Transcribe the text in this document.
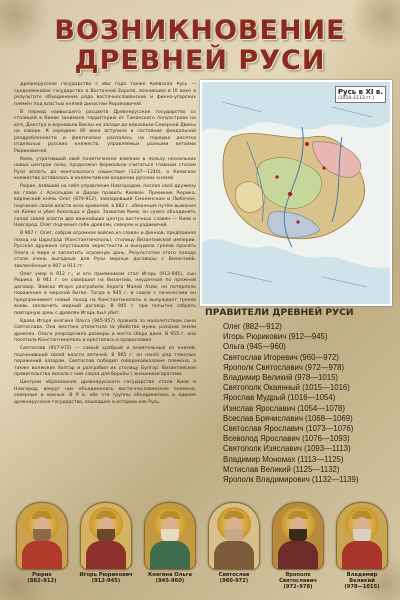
ВОЗНИКНОВЕНИЕ
ДРЕВНЕЙ РУСИ

Древнерусское государство с 882 года также Киевская Русь — средневековое государство в Восточной Европе, возникшее в IX веке в результате объединения ряда восточнославянских и финно-угорских племён под властью князей династии Рюриковичей.

В период наивысшего расцвета Древнерусское государство со столицей в Киеве занимало территорию от Таманского полуострова на юге, Днестра и верховьев Вислы на западе до верховьев Северной Двины на севере. К середине XII века вступило в состояние феодальной раздробленности и фактически распалось на порядка десятка отдельных русских княжеств, управляемых разными ветвями Рюриковичей.

Киев, утративший своё политическое влияние в пользу нескольких новых центров силы, продолжал формально считаться главным столом Руси вплоть до монгольского нашествия (1237—1240), а Киевское княжество оставалось в коллективном владении русских князей.

Рюрик, взявший на себя управление Новгородом, послал своё дружину во главе с Аскольдом и Диром править Киевом. Преемник Рюрика, варяжский князь Олег (879-912), завладевший Смоленском и Любечем, подчинил своей власти всех кривичей, в 882 г. обманным путём выманил из Киева и убил Аскольда и Дира. Захватив Киев, он сумел объединить силой своей власти два важнейших центра восточных славян — Киев и Новгород. Олег подчинил себе древлян, северян и радимичей.

В 907 г. Олег, собрав огромное войско из славян и финнов, предпринял поход на Царьград (Константинополь), столицу Византийской империи. Русская дружина опустошила окрестности и вынудила греков просить Олега о мире и заплатить огромную дань. Результатом этого похода стали очень выгодные для Руси мирные договоры с Византией, заключённые в 907 и 911 гг.

Олег умер в 912 г., и его приемником стал Игорь (912-945), сын Рюрика. В 941 г. он совершил на Византию, неудачный по прежней договор. Войско Игоря разграбило берега Малой Азии, но потерпело поражение в морской битве. Тогда в 945 г. в союзе с печенегами он предпринимает новый поход на Константинополь и вынуждает греков вновь заключить мирный договор. В 945 г. при попытке собрать повторную дань с древлян Игорь был убит.

Вдова Игоря княгиня Ольга (945-957) правила за малолетством сына Святослава. Она жестоко отомстила за убийство мужа, разорив земли древлян. Ольга упорядочила размеры и места сбора дани. В 955 г. она посетила Константинополь и крестилась в православие.

Святослав (957-972) — самый храбрый и влиятельный из князей, подчинивший своей власти вятичей. В 965 г. он нанёс ряд тяжелых поражений хазарам. Святослав победил северокавказские племена, а также волжских болгар и разграбил их столицу Булгар. Византийское правительство искало с ним союза для борьбы с внешними врагами.

Центром образования древнерусского государства стали Киев и Новгород, вокруг них объединились восточнославянские племена, северные и южные. В 9 в. обе эти группы объединились в единое древнерусское государство, вошедшее в историю как Русь.

Русь в XI в.
(1054–1113 гг.)
ПРАВИТЕЛИ ДРЕВНЕЙ РУСИ
Олег (882—912)
Игорь Рюрикович (912—945)
Ольга (945—960)
Святослав Игоревич (960—972)
Ярополк Святославич (972—978)
Владимир Великий (978—1015)
Святополк Окаянный (1015—1016)
Ярослав Мудрый (1016—1054)
Изяслав Ярославич (1054—1078)
Всеслав Брячиславич (1068—1069)
Святослав Ярославич (1073—1076)
Всеволод Ярославич (1076—1093)
Святополк Изяславич (1093—1113)
Владимир Мономах (1113—1125)
Мстислав Великий (1125—1132)
Ярополк Владимирович (1132—1139)
Рюрик
(882–912)
Игорь Рюрикович
(912-945)
Княгиня Ольга
(945-960)
Святослав
(960-972)
Ярополк Святославич
(972–978)
Владимир Великий
(978—1015)
